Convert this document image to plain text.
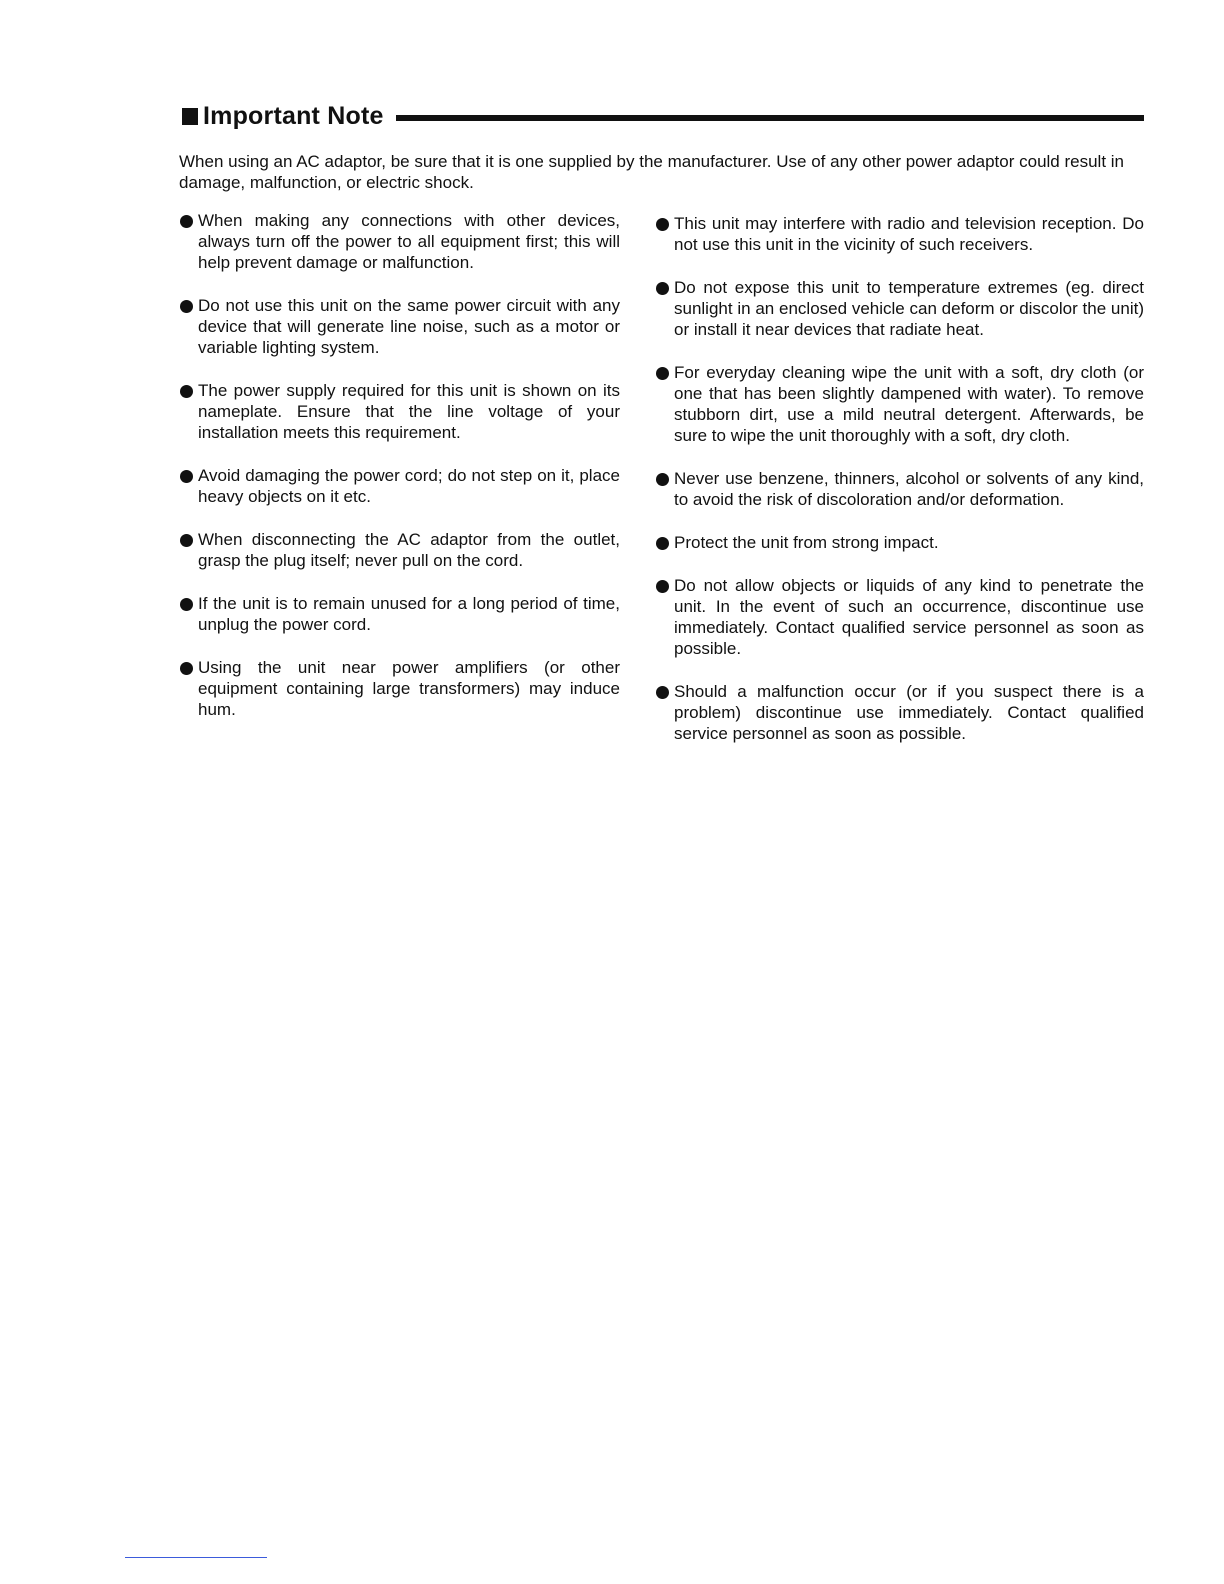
Important Note

When using an AC adaptor, be sure that it is one supplied by the manufacturer. Use of any other power adaptor could result in damage, malfunction, or electric shock.

When making any connections with other devices, always turn off the power to all equipment first; this will help prevent damage or malfunction.
Do not use this unit on the same power circuit with any device that will generate line noise, such as a motor or variable lighting system.
The power supply required for this unit is shown on its nameplate. Ensure that the line voltage of your installation meets this requirement.
Avoid damaging the power cord; do not step on it, place heavy objects on it etc.
When disconnecting the AC adaptor from the outlet, grasp the plug itself; never pull on the cord.
If the unit is to remain unused for a long period of time, unplug the power cord.
Using the unit near power amplifiers (or other equipment containing large transformers) may induce hum.
This unit may interfere with radio and television reception. Do not use this unit in the vicinity of such receivers.
Do not expose this unit to temperature extremes (eg. direct sunlight in an enclosed vehicle can deform or discolor the unit) or install it near devices that radiate heat.
For everyday cleaning wipe the unit with a soft, dry cloth (or one that has been slightly dampened with water). To remove stubborn dirt, use a mild neutral detergent. Afterwards, be sure to wipe the unit thoroughly with a soft, dry cloth.
Never use benzene, thinners, alcohol or solvents of any kind, to avoid the risk of discoloration and/or deformation.
Protect the unit from strong impact.
Do not allow objects or liquids of any kind to penetrate the unit. In the event of such an occurrence, discontinue use immediately. Contact qualified service personnel as soon as possible.
Should a malfunction occur (or if you suspect there is a problem) discontinue use immediately. Contact qualified service personnel as soon as possible.
